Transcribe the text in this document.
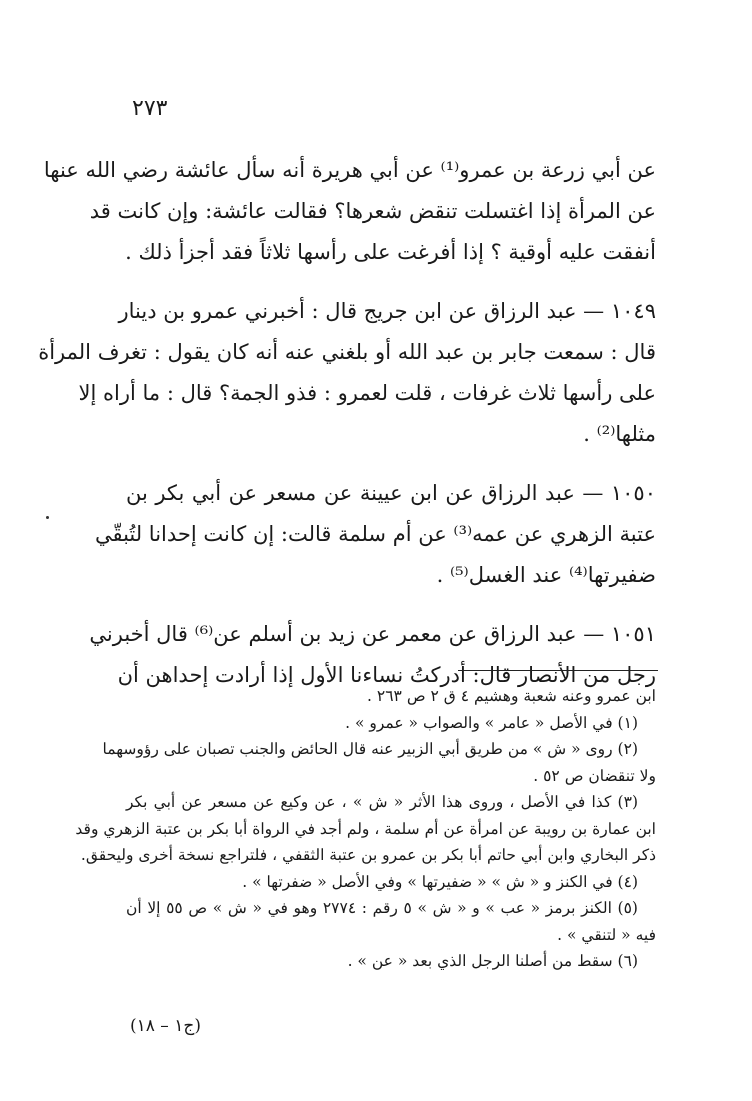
٢٧٣
عن أبي زرعة بن عمرو⁽¹⁾ عن أبي هريرة أنه سأل عائشة رضي الله عنها
عن المرأة إذا اغتسلت تنقض شعرها؟ فقالت عائشة: وإن كانت قد
أنفقت عليه أوقية ؟ إذا أفرغت على رأسها ثلاثاً فقد أجزأ ذلك .
١٠٤٩ — عبد الرزاق عن ابن جريج قال : أخبرني عمرو بن دينار
قال : سمعت جابر بن عبد الله أو بلغني عنه أنه كان يقول : تغرف المرأة
على رأسها ثلاث غرفات ، قلت لعمرو : فذو الجمة؟ قال : ما أراه إلا
مثلها⁽²⁾ .
١٠٥٠ — عبد الرزاق عن ابن عيينة عن مسعر عن أبي بكر بن
عتبة الزهري عن عمه⁽³⁾ عن أم سلمة قالت: إن كانت إحدانا لتُبقّي
ضفيرتها⁽⁴⁾ عند الغسل⁽⁵⁾ .
١٠٥١ — عبد الرزاق عن معمر عن زيد بن أسلم عن⁽⁶⁾ قال أخبرني
رجل من الأنصار قال: أدركتُ نساءنا الأول إذا أرادت إحداهن أن
ابن عمرو وعنه شعبة وهشيم ٤ ق ٢ ص ٢٦٣ .
(١) في الأصل « عامر » والصواب « عمرو » .
(٢) روى « ش » من طريق أبي الزبير عنه قال الحائض والجنب تصبان على رؤوسهما
ولا تنقضان ص ٥٢ .
(٣) كذا في الأصل ، وروى هذا الأثر « ش » ، عن وكيع عن مسعر عن أبي بكر
ابن عمارة بن رويبة عن امرأة عن أم سلمة ، ولم أجد في الرواة أبا بكر بن عتبة الزهري وقد
ذكر البخاري وابن أبي حاتم أبا بكر بن عمرو بن عتبة الثقفي ، فلتراجع نسخة أخرى وليحقق.
(٤) في الكنز و « ش » « ضفيرتها » وفي الأصل « ضفرتها » .
(٥) الكنز برمز « عب » و « ش » ٥ رقم : ٢٧٧٤ وهو في « ش » ص ٥٥ إلا أن
فيه « لتنقي » .
(٦) سقط من أصلنا الرجل الذي بعد « عن » .
(ج١ – ١٨)
